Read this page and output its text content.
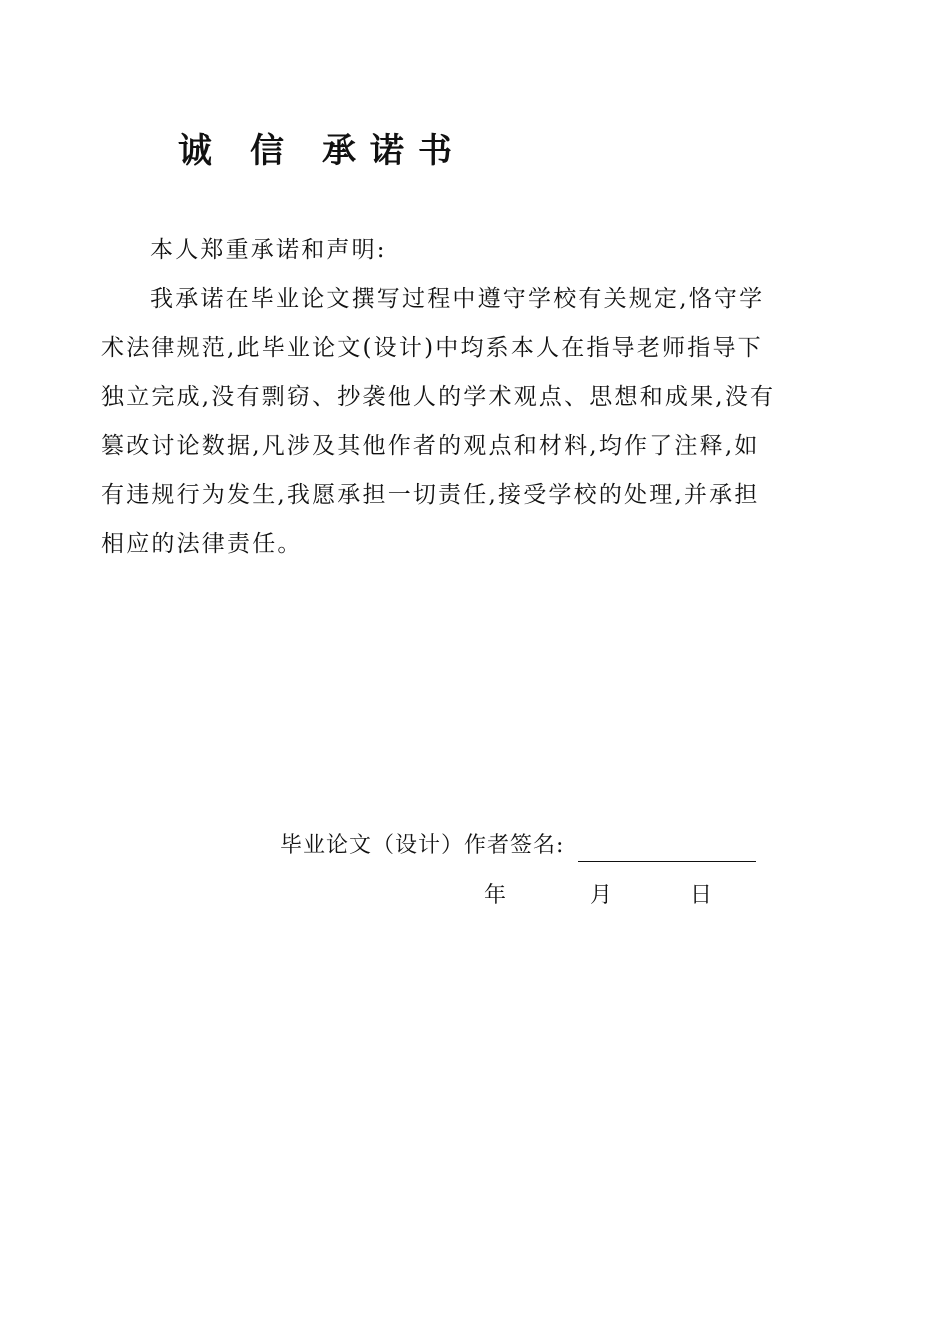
诚 信 承 诺 书
本人郑重承诺和声明:
我承诺在毕业论文撰写过程中遵守学校有关规定,恪守学
术法律规范,此毕业论文(设计)中均系本人在指导老师指导下
独立完成,没有剽窃、抄袭他人的学术观点、思想和成果,没有
篡改讨论数据,凡涉及其他作者的观点和材料,均作了注释,如
有违规行为发生,我愿承担一切责任,接受学校的处理,并承担
相应的法律责任。
毕业论文（设计）作者签名:
年	月	日
